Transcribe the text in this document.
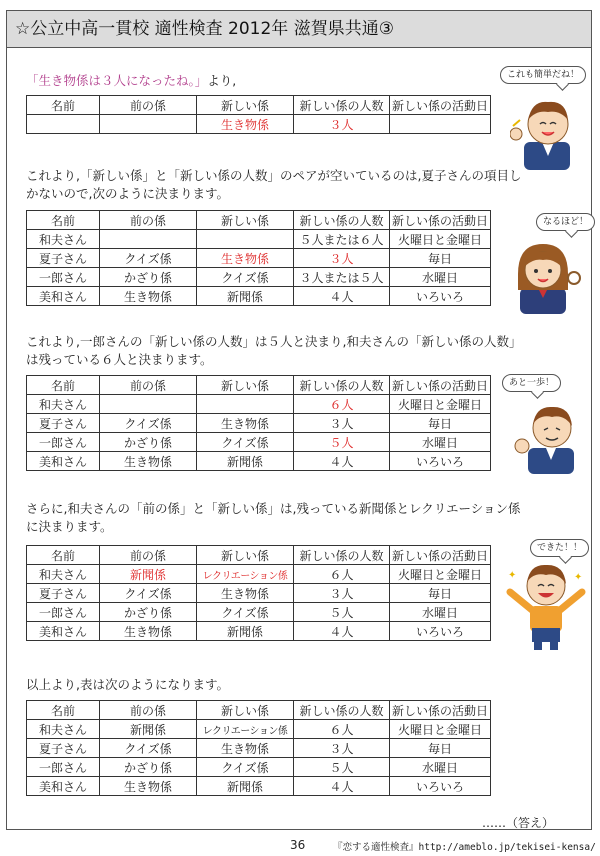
☆公立中高一貫校 適性検査 2012年 滋賀県共通③
「生き物係は３人になったね。」より,
名前	前の係	新しい係	新しい係の人数	新しい係の活動日
		生き物係	３人	
これより,「新しい係」と「新しい係の人数」のペアが空いているのは,夏子さんの項目しかないので,次のように決まります。
名前	前の係	新しい係	新しい係の人数	新しい係の活動日
和夫さん			５人または６人	火曜日と金曜日
夏子さん	クイズ係	生き物係	３人	毎日
一郎さん	かざり係	クイズ係	３人または５人	水曜日
美和さん	生き物係	新聞係	４人	いろいろ
これより,一郎さんの「新しい係の人数」は５人と決まり,和夫さんの「新しい係の人数」は残っている６人と決まります。
名前	前の係	新しい係	新しい係の人数	新しい係の活動日
和夫さん			６人	火曜日と金曜日
夏子さん	クイズ係	生き物係	３人	毎日
一郎さん	かざり係	クイズ係	５人	水曜日
美和さん	生き物係	新聞係	４人	いろいろ
さらに,和夫さんの「前の係」と「新しい係」は,残っている新聞係とレクリエーション係に決まります。
名前	前の係	新しい係	新しい係の人数	新しい係の活動日
和夫さん	新聞係	レクリエーション係	６人	火曜日と金曜日
夏子さん	クイズ係	生き物係	３人	毎日
一郎さん	かざり係	クイズ係	５人	水曜日
美和さん	生き物係	新聞係	４人	いろいろ
以上より,表は次のようになります。
名前	前の係	新しい係	新しい係の人数	新しい係の活動日
和夫さん	新聞係	レクリエーション係	６人	火曜日と金曜日
夏子さん	クイズ係	生き物係	３人	毎日
一郎さん	かざり係	クイズ係	５人	水曜日
美和さん	生き物係	新聞係	４人	いろいろ
これも簡単だね！
なるほど！
あと一歩！
できた！！
✦	✦
……（答え）
36	『恋する適性検査』http://ameblo.jp/tekisei-kensa/
